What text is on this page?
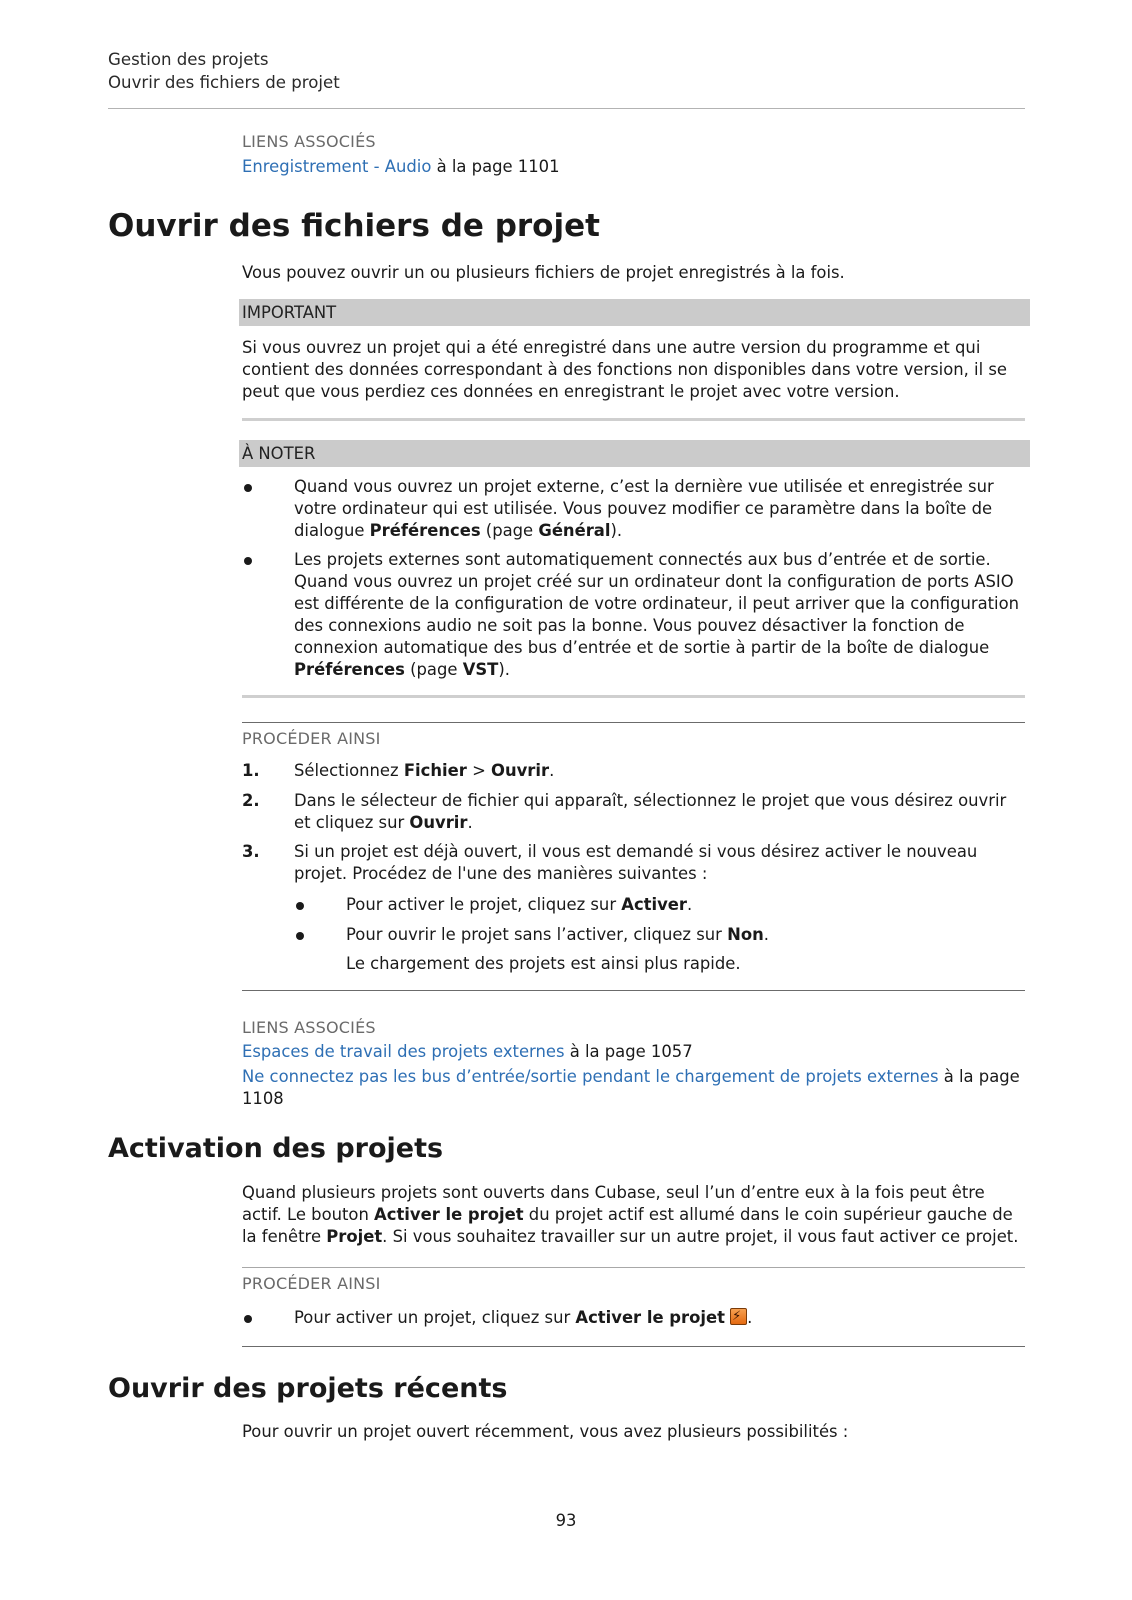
Gestion des projets
Ouvrir des fichiers de projet
LIENS ASSOCIÉS
Enregistrement - Audio à la page 1101
Ouvrir des fichiers de projet
Vous pouvez ouvrir un ou plusieurs fichiers de projet enregistrés à la fois.
IMPORTANT
Si vous ouvrez un projet qui a été enregistré dans une autre version du programme et qui contient des données correspondant à des fonctions non disponibles dans votre version, il se peut que vous perdiez ces données en enregistrant le projet avec votre version.
À NOTER
Quand vous ouvrez un projet externe, c’est la dernière vue utilisée et enregistrée sur votre ordinateur qui est utilisée. Vous pouvez modifier ce paramètre dans la boîte de dialogue Préférences (page Général).
Les projets externes sont automatiquement connectés aux bus d’entrée et de sortie. Quand vous ouvrez un projet créé sur un ordinateur dont la configuration de ports ASIO est différente de la configuration de votre ordinateur, il peut arriver que la configuration des connexions audio ne soit pas la bonne. Vous pouvez désactiver la fonction de connexion automatique des bus d’entrée et de sortie à partir de la boîte de dialogue Préférences (page VST).
PROCÉDER AINSI
1. Sélectionnez Fichier > Ouvrir.
2. Dans le sélecteur de fichier qui apparaît, sélectionnez le projet que vous désirez ouvrir et cliquez sur Ouvrir.
3. Si un projet est déjà ouvert, il vous est demandé si vous désirez activer le nouveau projet. Procédez de l'une des manières suivantes :
Pour activer le projet, cliquez sur Activer.
Pour ouvrir le projet sans l’activer, cliquez sur Non.
Le chargement des projets est ainsi plus rapide.
LIENS ASSOCIÉS
Espaces de travail des projets externes à la page 1057
Ne connectez pas les bus d’entrée/sortie pendant le chargement de projets externes à la page 1108
Activation des projets
Quand plusieurs projets sont ouverts dans Cubase, seul l’un d’entre eux à la fois peut être actif. Le bouton Activer le projet du projet actif est allumé dans le coin supérieur gauche de la fenêtre Projet. Si vous souhaitez travailler sur un autre projet, il vous faut activer ce projet.
PROCÉDER AINSI
Pour activer un projet, cliquez sur Activer le projet ⚡ .
Ouvrir des projets récents
Pour ouvrir un projet ouvert récemment, vous avez plusieurs possibilités :
93
